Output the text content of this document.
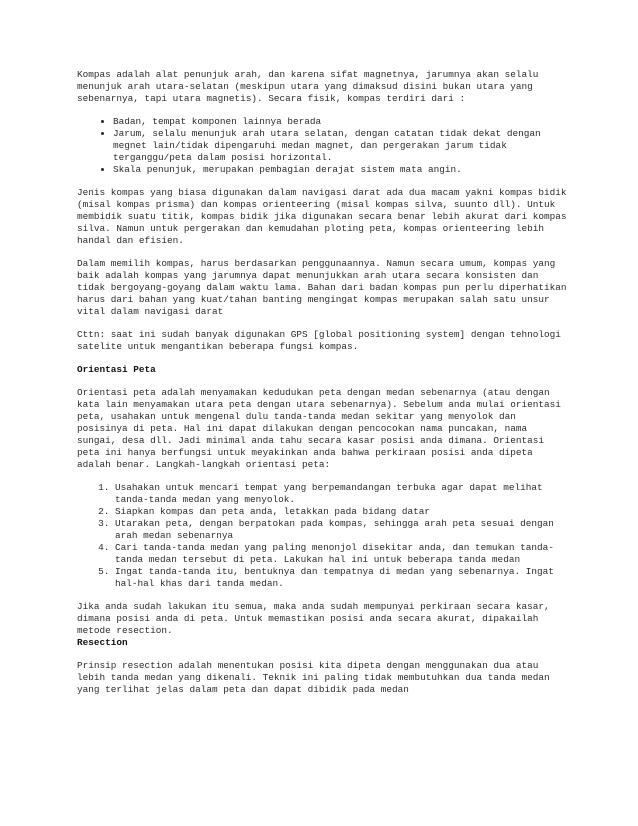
Kompas adalah alat penunjuk arah, dan karena sifat magnetnya, jarumnya akan selalu menunjuk arah utara-selatan (meskipun utara yang dimaksud disini bukan utara yang sebenarnya, tapi utara magnetis). Secara fisik, kompas terdiri dari :

• Badan, tempat komponen lainnya berada
• Jarum, selalu menunjuk arah utara selatan, dengan catatan tidak dekat dengan megnet lain/tidak dipengaruhi medan magnet, dan pergerakan jarum tidak terganggu/peta dalam posisi horizontal.
• Skala penunjuk, merupakan pembagian derajat sistem mata angin.

Jenis kompas yang biasa digunakan dalam navigasi darat ada dua macam yakni kompas bidik (misal kompas prisma) dan kompas orienteering (misal kompas silva, suunto dll). Untuk membidik suatu titik, kompas bidik jika digunakan secara benar lebih akurat dari kompas silva. Namun untuk pergerakan dan kemudahan ploting peta, kompas orienteering lebih handal dan efisien.

Dalam memilih kompas, harus berdasarkan penggunaannya. Namun secara umum, kompas yang baik adalah kompas yang jarumnya dapat menunjukkan arah utara secara konsisten dan tidak bergoyang-goyang dalam waktu lama. Bahan dari badan kompas pun perlu diperhatikan harus dari bahan yang kuat/tahan banting mengingat kompas merupakan salah satu unsur vital dalam navigasi darat

Cttn: saat ini sudah banyak digunakan GPS [global positioning system] dengan tehnologi satelite untuk mengantikan beberapa fungsi kompas.

Orientasi Peta

Orientasi peta adalah menyamakan kedudukan peta dengan medan sebenarnya (atau dengan kata lain menyamakan utara peta dengan utara sebenarnya). Sebelum anda mulai orientasi peta, usahakan untuk mengenal dulu tanda-tanda medan sekitar yang menyolok dan posisinya di peta. Hal ini dapat dilakukan dengan pencocokan nama puncakan, nama sungai, desa dll. Jadi minimal anda tahu secara kasar posisi anda dimana. Orientasi peta ini hanya berfungsi untuk meyakinkan anda bahwa perkiraan posisi anda dipeta adalah benar. Langkah-langkah orientasi peta:

1. Usahakan untuk mencari tempat yang berpemandangan terbuka agar dapat melihat tanda-tanda medan yang menyolok.
2. Siapkan kompas dan peta anda, letakkan pada bidang datar
3. Utarakan peta, dengan berpatokan pada kompas, sehingga arah peta sesuai dengan arah medan sebenarnya
4. Cari tanda-tanda medan yang paling menonjol disekitar anda, dan temukan tanda-tanda medan tersebut di peta. Lakukan hal ini untuk beberapa tanda medan
5. Ingat tanda-tanda itu, bentuknya dan tempatnya di medan yang sebenarnya. Ingat hal-hal khas dari tanda medan.

Jika anda sudah lakukan itu semua, maka anda sudah mempunyai perkiraan secara kasar, dimana posisi anda di peta. Untuk memastikan posisi anda secara akurat, dipakailah metode resection.

Resection

Prinsip resection adalah menentukan posisi kita dipeta dengan menggunakan dua atau lebih tanda medan yang dikenali. Teknik ini paling tidak membutuhkan dua tanda medan yang terlihat jelas dalam peta dan dapat dibidik pada medan
